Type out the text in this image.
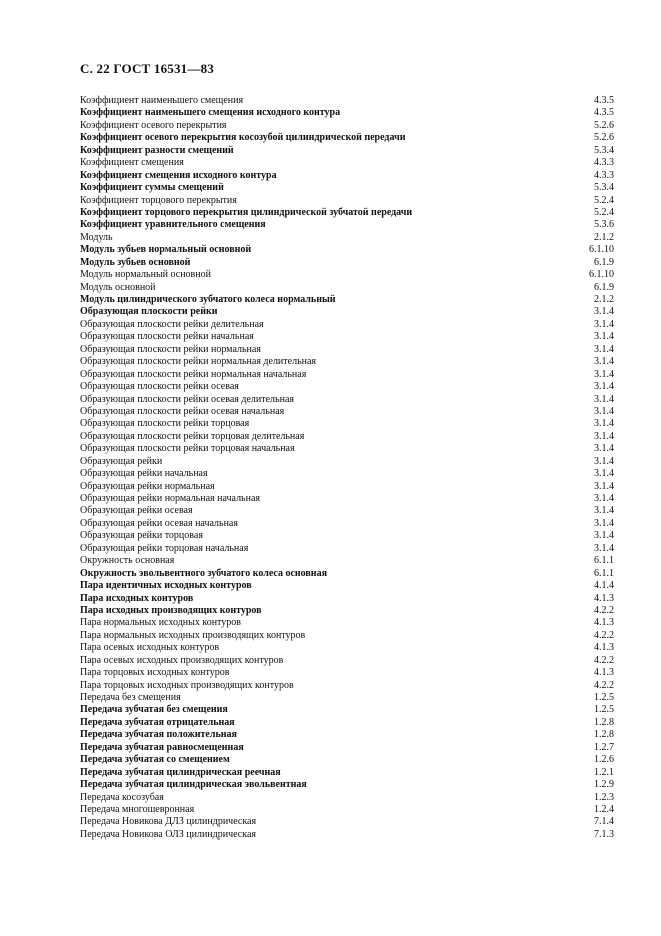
С. 22 ГОСТ 16531—83
Коэффициент наименьшего смещения	4.3.5
Коэффициент наименьшего смещения исходного контура	4.3.5
Коэффициент осевого перекрытия	5.2.6
Коэффициент осевого перекрытия косозубой цилиндрической передачи	5.2.6
Коэффициент разности смещений	5.3.4
Коэффициент смещения	4.3.3
Коэффициент смещения исходного контура	4.3.3
Коэффициент суммы смещений	5.3.4
Коэффициент торцового перекрытия	5.2.4
Коэффициент торцового перекрытия цилиндрической зубчатой передачи	5.2.4
Коэффициент уравнительного смещения	5.3.6
Модуль	2.1.2
Модуль зубьев нормальный основной	6.1.10
Модуль зубьев основной	6.1.9
Модуль нормальный основной	6.1.10
Модуль основной	6.1.9
Модуль цилиндрического зубчатого колеса нормальный	2.1.2
Образующая плоскости рейки	3.1.4
Образующая плоскости рейки делительная	3.1.4
Образующая плоскости рейки начальная	3.1.4
Образующая плоскости рейки нормальная	3.1.4
Образующая плоскости рейки нормальная делительная	3.1.4
Образующая плоскости рейки нормальная начальная	3.1.4
Образующая плоскости рейки осевая	3.1.4
Образующая плоскости рейки осевая делительная	3.1.4
Образующая плоскости рейки осевая начальная	3.1.4
Образующая плоскости рейки торцовая	3.1.4
Образующая плоскости рейки торцовая делительная	3.1.4
Образующая плоскости рейки торцовая начальная	3.1.4
Образующая рейки	3.1.4
Образующая рейки начальная	3.1.4
Образующая рейки нормальная	3.1.4
Образующая рейки нормальная начальная	3.1.4
Образующая рейки осевая	3.1.4
Образующая рейки осевая начальная	3.1.4
Образующая рейки торцовая	3.1.4
Образующая рейки торцовая начальная	3.1.4
Окружность основная	6.1.1
Окружность эвольвентного зубчатого колеса основная	6.1.1
Пара идентичных исходных контуров	4.1.4
Пара исходных контуров	4.1.3
Пара исходных производящих контуров	4.2.2
Пара нормальных исходных контуров	4.1.3
Пара нормальных исходных производящих контуров	4.2.2
Пара осевых исходных контуров	4.1.3
Пара осевых исходных производящих контуров	4.2.2
Пара торцовых исходных контуров	4.1.3
Пара торцовых исходных производящих контуров	4.2.2
Передача без смещения	1.2.5
Передача зубчатая без смещения	1.2.5
Передача зубчатая отрицательная	1.2.8
Передача зубчатая положительная	1.2.8
Передача зубчатая равносмещенная	1.2.7
Передача зубчатая со смещением	1.2.6
Передача зубчатая цилиндрическая реечная	1.2.1
Передача зубчатая цилиндрическая эвольвентная	1.2.9
Передача косозубая	1.2.3
Передача многошевронная	1.2.4
Передача Новикова ДЛЗ цилиндрическая	7.1.4
Передача Новикова ОЛЗ цилиндрическая	7.1.3
